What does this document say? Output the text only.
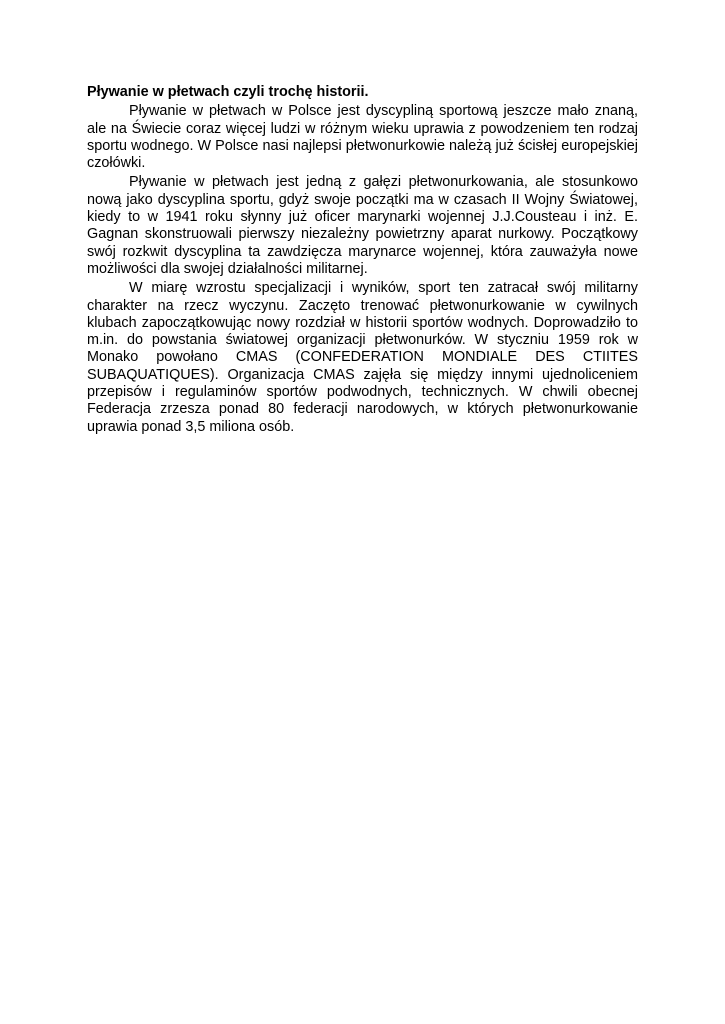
Pływanie w płetwach czyli trochę historii.

Pływanie w płetwach w Polsce jest dyscypliną sportową jeszcze mało znaną, ale na Świecie coraz więcej ludzi w różnym wieku uprawia z powodzeniem ten rodzaj sportu wodnego. W Polsce nasi najlepsi płetwonurkowie należą już ścisłej europejskiej czołówki.

Pływanie w płetwach jest jedną z gałęzi płetwonurkowania, ale stosunkowo nową jako dyscyplina sportu, gdyż swoje początki ma w czasach II Wojny Światowej, kiedy to w 1941 roku słynny już oficer marynarki wojennej J.J.Cousteau i inż. E. Gagnan skonstruowali pierwszy niezależny powietrzny aparat nurkowy. Początkowy swój rozkwit dyscyplina ta zawdzięcza marynarce wojennej, która zauważyła nowe możliwości dla swojej działalności militarnej.

W miarę wzrostu specjalizacji i wyników, sport ten zatracał swój militarny charakter na rzecz wyczynu. Zaczęto trenować płetwonurkowanie w cywilnych klubach zapoczątkowując nowy rozdział w historii sportów wodnych. Doprowadziło to m.in. do powstania światowej organizacji płetwonurków. W styczniu 1959 rok w Monako powołano CMAS (CONFEDERATION MONDIALE DES CTIITES SUBAQUATIQUES). Organizacja CMAS zajęła się między innymi ujednoliceniem przepisów i regulaminów sportów podwodnych, technicznych. W chwili obecnej Federacja zrzesza ponad 80 federacji narodowych, w których płetwonurkowanie uprawia ponad 3,5 miliona osób.
